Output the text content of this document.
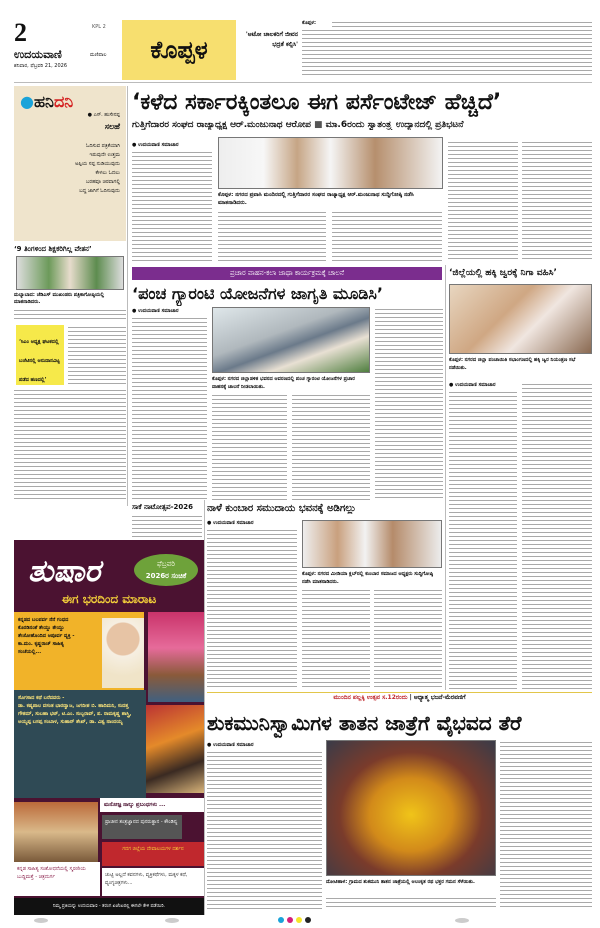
2	KPL 2
ಉದಯವಾಣಿ	ಮಣಿಪಾಲ
ಶನಿವಾರ, ಫೆಬ್ರವರಿ 21, 2026
ಕೊಪ್ಪಳ
'ಆಟೋ ಚಾಲಕರಿಗೆ ಜೀವನ ಭದ್ರತೆ ಕಲ್ಪಿಸಿ'
ಕೊಪ್ಪಳ:
●ಹನಿದನಿ
● ಎಸ್. ಹುಸೇನಪ್ಪ
ಸಲಹೆ
ಓದಿಸುವ ಪತ್ರಿಕೆಯಾಗಿ
ಇರುವುದೇ ಉತ್ತಮ
ಅಪ್ಪಿಯ ಸಪ್ಪ ನುಡಿಯುವುದು
ಕೇಳಲು ಓದಲು
ಬರಹವೂ ಚಿರವಾಗಲ್ಲಿ
ಬದ್ಧ ಜಾಗಿಗೆ ಓದಿಸುವುದು
‘9 ತಿಂಗಳಿಂದ ಶಿಕ್ಷಕರಿಗಿಲ್ಲ ವೇತನ’
ಮಲ್ಯಾಬಾದ: ಜೆಡಿಎಸ್ ಮುಖಂಡರು ಪತ್ರಿಕಾಗೋಷ್ಠಿಯಲ್ಲಿ ಮಾತನಾಡಿದರು.
‘ಸಿಎಂ ಅಧ್ಯಕ್ಷ ಘಟಕದಲ್ಲಿ ಬಜೆಟಿನಲ್ಲಿ ಅನುದಾನವಿಟ್ಟ ಪಡೆದ ಹಣದಲ್ಲಿ’
‘ಕಳೆದ ಸರ್ಕಾರಕ್ಕಿಂತಲೂ ಈಗ ಪರ್ಸೆಂಟೇಜ್ ಹೆಚ್ಚಿದೆ’
ಗುತ್ತಿಗೆದಾರರ ಸಂಘದ ರಾಜ್ಯಾಧ್ಯಕ್ಷ ಆರ್.ಮಂಜುನಾಥ ಆರೋಪ ■ ಮಾ.6ರಂದು ಸ್ವಾತಂತ್ರ್ಯ ಉದ್ಯಾನದಲ್ಲಿ ಪ್ರತಿಭಟನೆ
● ಉದಯವಾಣಿ ಸಮಾಚಾರ
ಕೊಪ್ಪಳ: ನಗರದ ಪ್ರವಾಸಿ ಮಂದಿರದಲ್ಲಿ ಗುತ್ತಿಗೆದಾರರ ಸಂಘದ ರಾಜ್ಯಾಧ್ಯಕ್ಷ ಆರ್.ಮಂಜುನಾಥ ಸುದ್ದಿಗೋಷ್ಠಿ ನಡೆಸಿ ಮಾತನಾಡಿದರು.
ಪ್ರಚಾರ ವಾಹನ-ಕಲಾ ಜಾಥಾ ಕಾರ್ಯಕ್ರಮಕ್ಕೆ ಚಾಲನೆ
‘ಪಂಚ ಗ್ಯಾರಂಟಿ ಯೋಜನೆಗಳ ಜಾಗೃತಿ ಮೂಡಿಸಿ’
● ಉದಯವಾಣಿ ಸಮಾಚಾರ
ಕೊಪ್ಪಳ: ನಗರದ ಜಿಲ್ಲಾಡಳಿತ ಭವನದ ಆವರಣದಲ್ಲಿ ಪಂಚ ಗ್ಯಾರಂಟಿ ಯೋಜನೆಗಳ ಪ್ರಚಾರ ವಾಹನಕ್ಕೆ ಚಾಲನೆ ನೀಡಲಾಯಿತು.
‘ಜಿಲ್ಲೆಯಲ್ಲಿ ಹಕ್ಕಿ ಜ್ವರಕ್ಕೆ ನಿಗಾ ವಹಿಸಿ’
ಕೊಪ್ಪಳ: ನಗರದ ಜಿಲ್ಲಾ ಪಂಚಾಯಿತಿ ಸಭಾಂಗಣದಲ್ಲಿ ಹಕ್ಕಿ ಜ್ವರ ನಿಯಂತ್ರಣ ಸಭೆ ನಡೆಯಿತು.
● ಉದಯವಾಣಿ ಸಮಾಚಾರ
ಸಾಕೆ ನಾಟೋತ್ಸವ-2026	ನಾಳೆ ಕುಂಬಾರ ಸಮುದಾಯ ಭವನಕ್ಕೆ ಅಡಿಗಲ್ಲು
● ಉದಯವಾಣಿ ಸಮಾಚಾರ
ಕೊಪ್ಪಳ: ನಗರದ ಮೀಡಿಯಾ ಕ್ಲಬ್‌ನಲ್ಲಿ ಕುಂಬಾರ ಸಮಾಜದ ಅಧ್ಯಕ್ಷರು ಸುದ್ದಿಗೋಷ್ಠಿ ನಡೆಸಿ ಮಾತನಾಡಿದರು.
ಮುಂದಿನ ಪಲ್ಲಕ್ಕಿ ಉತ್ಸವ ಸ.12ರಂದು | ಆಧ್ಯಾತ್ಮ ಭಜನೆ-ಮೆರವಣಿಗೆ
ಶುಕಮುನಿಸ್ವಾಮಿಗಳ ತಾತನ ಜಾತ್ರೆಗೆ ವೈಭವದ ತೆರೆ
● ಉದಯವಾಣಿ ಸಮಾಚಾರ
ದೋಟಿಹಾಳ: ಗ್ರಾಮದ ಶುಕಮುನಿ ತಾತನ ಜಾತ್ರೆಯಲ್ಲಿ ಅಲಂಕೃತ ರಥ ಭಕ್ತರ ಗಮನ ಸೆಳೆಯಿತು.
ತುಷಾರ	ಫೆಬ್ರವರಿ
2026ರ ಸಂಚಿಕೆ
ಈಗ ಭರದಿಂದ ಮಾರಾಟ
ಕನ್ನಡದ ಬಲಪರ್ವ ನೆನೆ ಗಂಧದ ಕೊರಡಿನಂತೆ ತೇಯ್ದು ತೇಯ್ದು ತೇಜೋಹೊಂದಿದ ಅಪೂರ್ವ ವ್ಯಕ್ತಿ - ಕಾ.ಮಂ. ಕೃಷ್ಣರಾಜ್ ಸಾಹಿತ್ಯ ಸಂಜೆಯಲ್ಲಿ...
ಸೊಗಸಾದ ಕಥೆ ಬರೆದವರು -
ಡಾ. ಕಷ್ಯಪಾಲ ವಸಂತ ಭಾರದ್ವಾಜ, ಜಗದೀಶ ಬಿ. ಹಾದಿಮನಿ, ಸುದತ್ತ ಗೌತಮ್, ಸುಬಹಾ ಭಟ್, ಟಿ.ಎಂ. ಸುಬ್ಬರಾವ್, ಪ. ರಾಮಕೃಷ್ಣ ಶಾಸ್ತ್ರಿ, ಅಯ್ಯಪ್ಪ ಬಸಪ್ಪ ಸಂಬಾಳ, ಸುಹಾನ್ ಶೇಖ್, ಡಾ. ವಿಶ್ವ ನಾಂದಯ್ಯ
ಮನೋಜ್ಞ ನಾಲ್ಕು ಪ್ರಬಂಧಗಳು ...
ಪ್ರಾಚೀನ ತಂತ್ರಜ್ಞಾನದ ಪುನರುತ್ಥಾನ - ಕೌಂಡಿನ್ಯ
ಗದಗ ಜಿಲ್ಲೆಯ ದೇವಾಲಯಗಳ ದರ್ಶನ
ಕನ್ನಡ ಸಾಹಿತ್ಯ ಸಂಶೋಧನೆಯಲ್ಲಿ ಸ್ಮರಣೀಯ ಬುದ್ಧಿಮತ್ತೆ - ಚಿತ್ರದುರ್ಗ	ಚುಟ್ಟಿ ಅಲ್ಲದೆ ಕವನಗಳು, ವ್ಯಕ್ತಿಕಥೆಗಳು, ಮಕ್ಕಳ ಕಥೆ, ವ್ಯಂಗ್ಯಚಿತ್ರಗಳು...
ನಿಮ್ಮ ಪ್ರತಿಯನ್ನು ಉದಯವಾಣಿ - ತರಂಗ ಏಜೆಂಟರಲ್ಲಿ ಈಗಲೇ ಕೇಳಿ ಪಡೆಯಿರಿ.
